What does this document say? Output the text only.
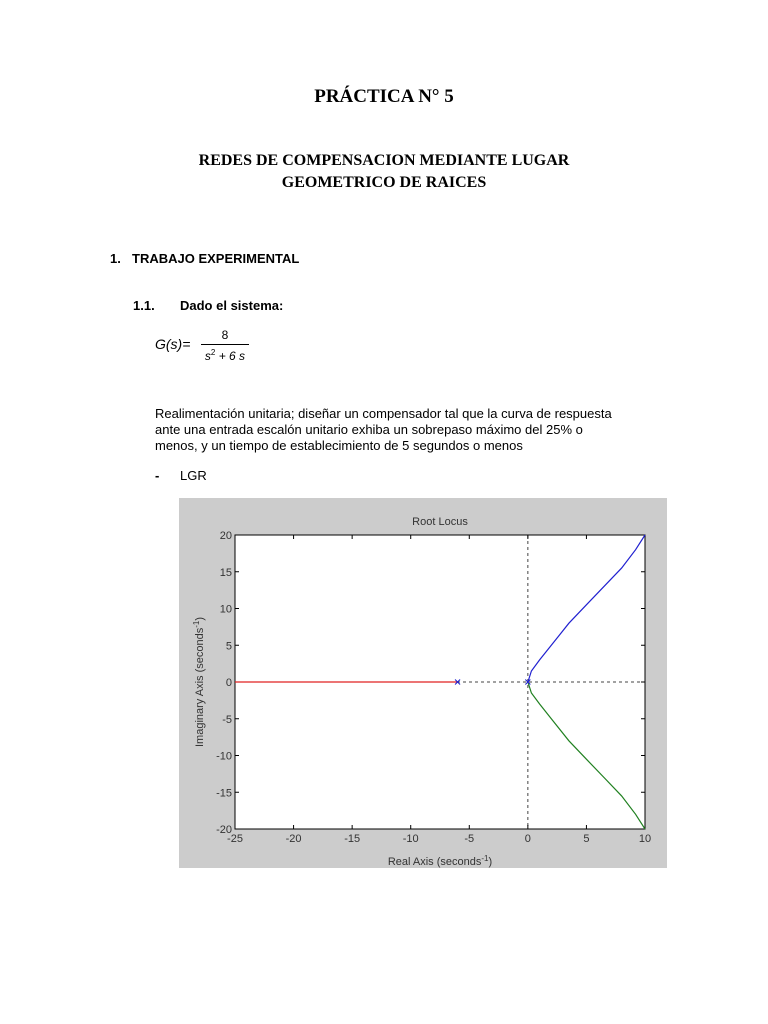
PRÁCTICA N° 5
REDES DE COMPENSACION MEDIANTE LUGAR
GEOMETRICO DE RAICES
1. TRABAJO EXPERIMENTAL
1.1. Dado el sistema:
G(s)=
8
$s^2 + 6$ s
Realimentación unitaria; diseñar un compensador tal que la curva de respuesta
ante una entrada escalón unitario exhiba un sobrepaso máximo del 25% o
menos, y un tiempo de establecimiento de 5 segundos o menos
- LGR
Root Locus
-25	-20	-15	-10	-5	0	5	10
20
15
10
5
0
-5
-10
-15
-20
Real Axis (seconds$^{-1}$)
Imaginary Axis (seconds$^{-1}$)
